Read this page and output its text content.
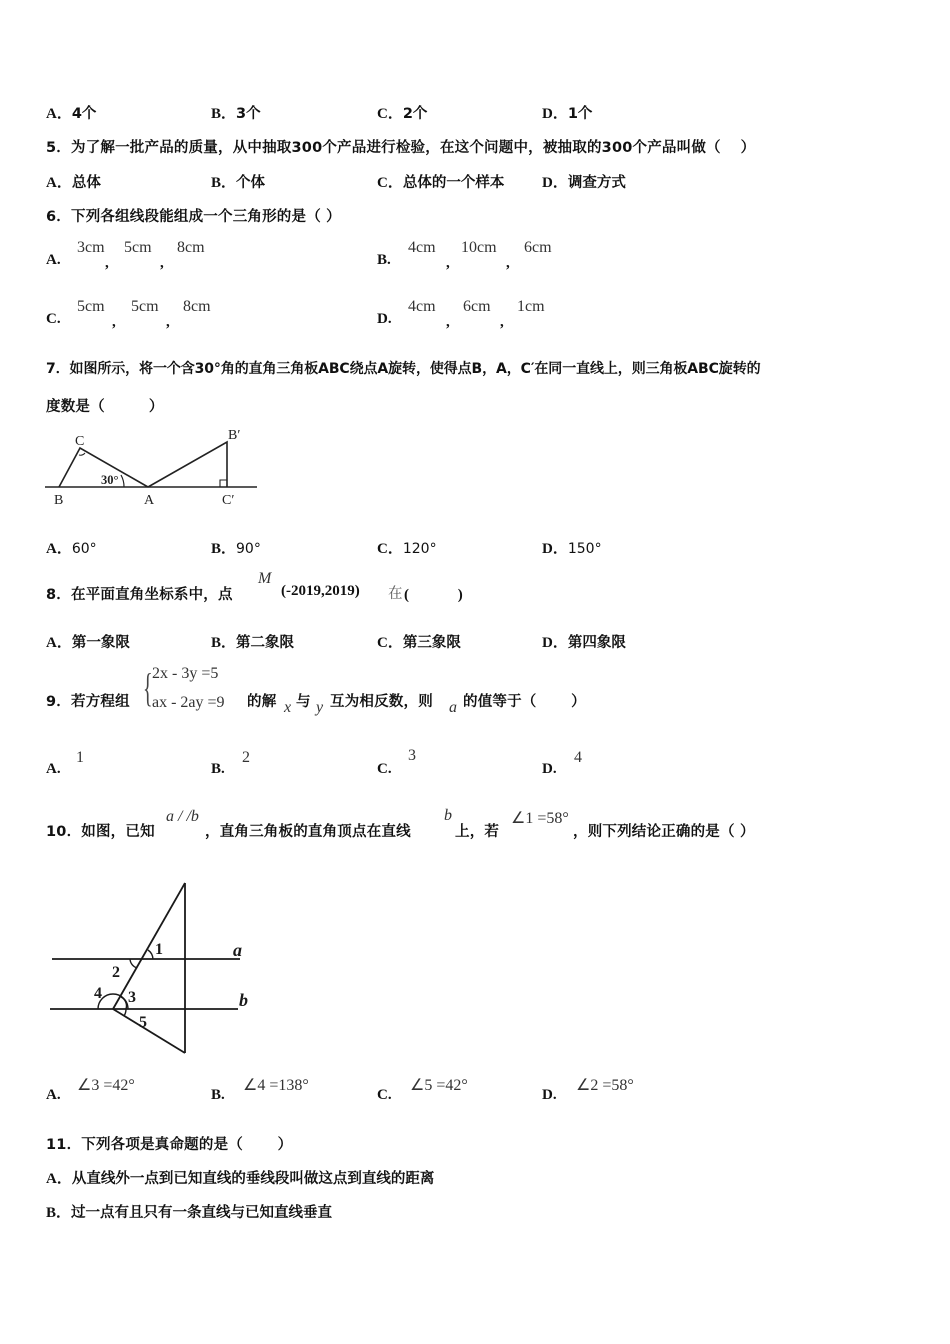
A．4个	B．3个	C．2个	D．1个
5．为了解一批产品的质量，从中抽取300个产品进行检验，在这个问题中，被抽取的300个产品叫做（　 ）
A．总体	B．个体	C．总体的一个样本	D．调查方式
6．下列各组线段能组成一个三角形的是（ ）
A.
3cm
,
5cm
,
8cm
B.
4cm
,
10cm
,
6cm
C.
5cm
,
5cm
,
8cm
D.
4cm
,
6cm
,
1cm
7．如图所示，将一个含30°角的直角三角板ABC绕点A旋转，使得点B，A，C′在同一直线上，则三角板ABC旋转的
度数是（　　　）
B
C
A
B′
C′
30°
A．60°	B．90°	C．120°	D．150°
8．在平面直角坐标系中，点
M
(-2019,2019) 在 (　　　 )
A．第一象限	B．第二象限	C．第三象限	D．第四象限
9．若方程组 { 2x - 3y =5
ax - 2ay =9 的解 x 与 y 互为相反数，则 a 的值等于（　　 ）
A.
1
B.
2
C.
3
D.
4
10．如图，已知
a / /b
，直角三角板的直角顶点在直线
b
上，若
∠1 =58°
，则下列结论正确的是（ ）
1
2
3
4
5
a
b
A.
∠3 =42°
B.
∠4 =138°
C.
∠5 =42°
D.
∠2 =58°
11．下列各项是真命题的是（　　 ）
A．从直线外一点到已知直线的垂线段叫做这点到直线的距离
B．过一点有且只有一条直线与已知直线垂直
